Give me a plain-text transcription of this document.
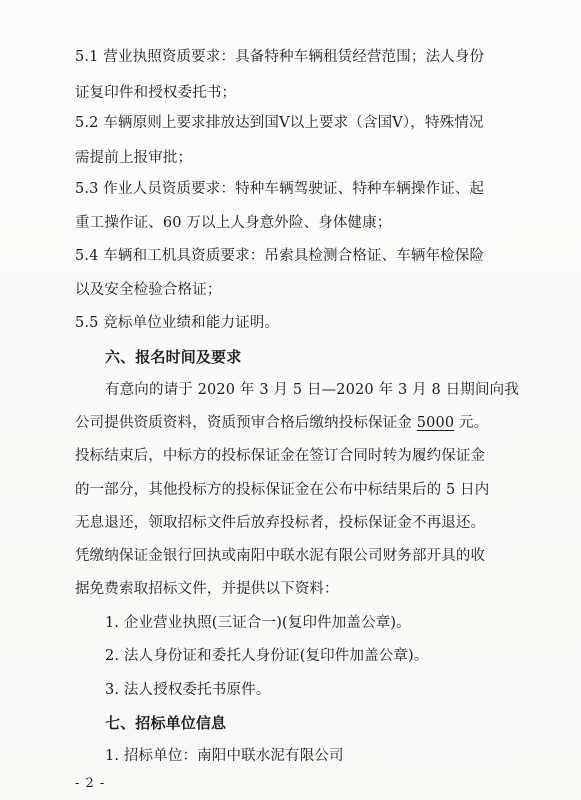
5.1 营业执照资质要求：具备特种车辆租赁经营范围；法人身份
证复印件和授权委托书；
5.2 车辆原则上要求排放达到国Ⅴ以上要求（含国Ⅴ），特殊情况
需提前上报审批；
5.3 作业人员资质要求：特种车辆驾驶证、特种车辆操作证、起
重工操作证、60 万以上人身意外险、身体健康；
5.4 车辆和工机具资质要求：吊索具检测合格证、车辆年检保险
以及安全检验合格证；
5.5 竞标单位业绩和能力证明。
六、报名时间及要求
有意向的请于 2020 年 3 月 5 日—2020 年 3 月 8 日期间向我
公司提供资质资料，资质预审合格后缴纳投标保证金 5000 元。
投标结束后，中标方的投标保证金在签订合同时转为履约保证金
的一部分，其他投标方的投标保证金在公布中标结果后的 5 日内
无息退还，领取招标文件后放弃投标者，投标保证金不再退还。
凭缴纳保证金银行回执或南阳中联水泥有限公司财务部开具的收
据免费索取招标文件，并提供以下资料：
1. 企业营业执照(三证合一)(复印件加盖公章)。
2. 法人身份证和委托人身份证(复印件加盖公章)。
3. 法人授权委托书原件。
七、招标单位信息
1. 招标单位：南阳中联水泥有限公司
- 2 -
